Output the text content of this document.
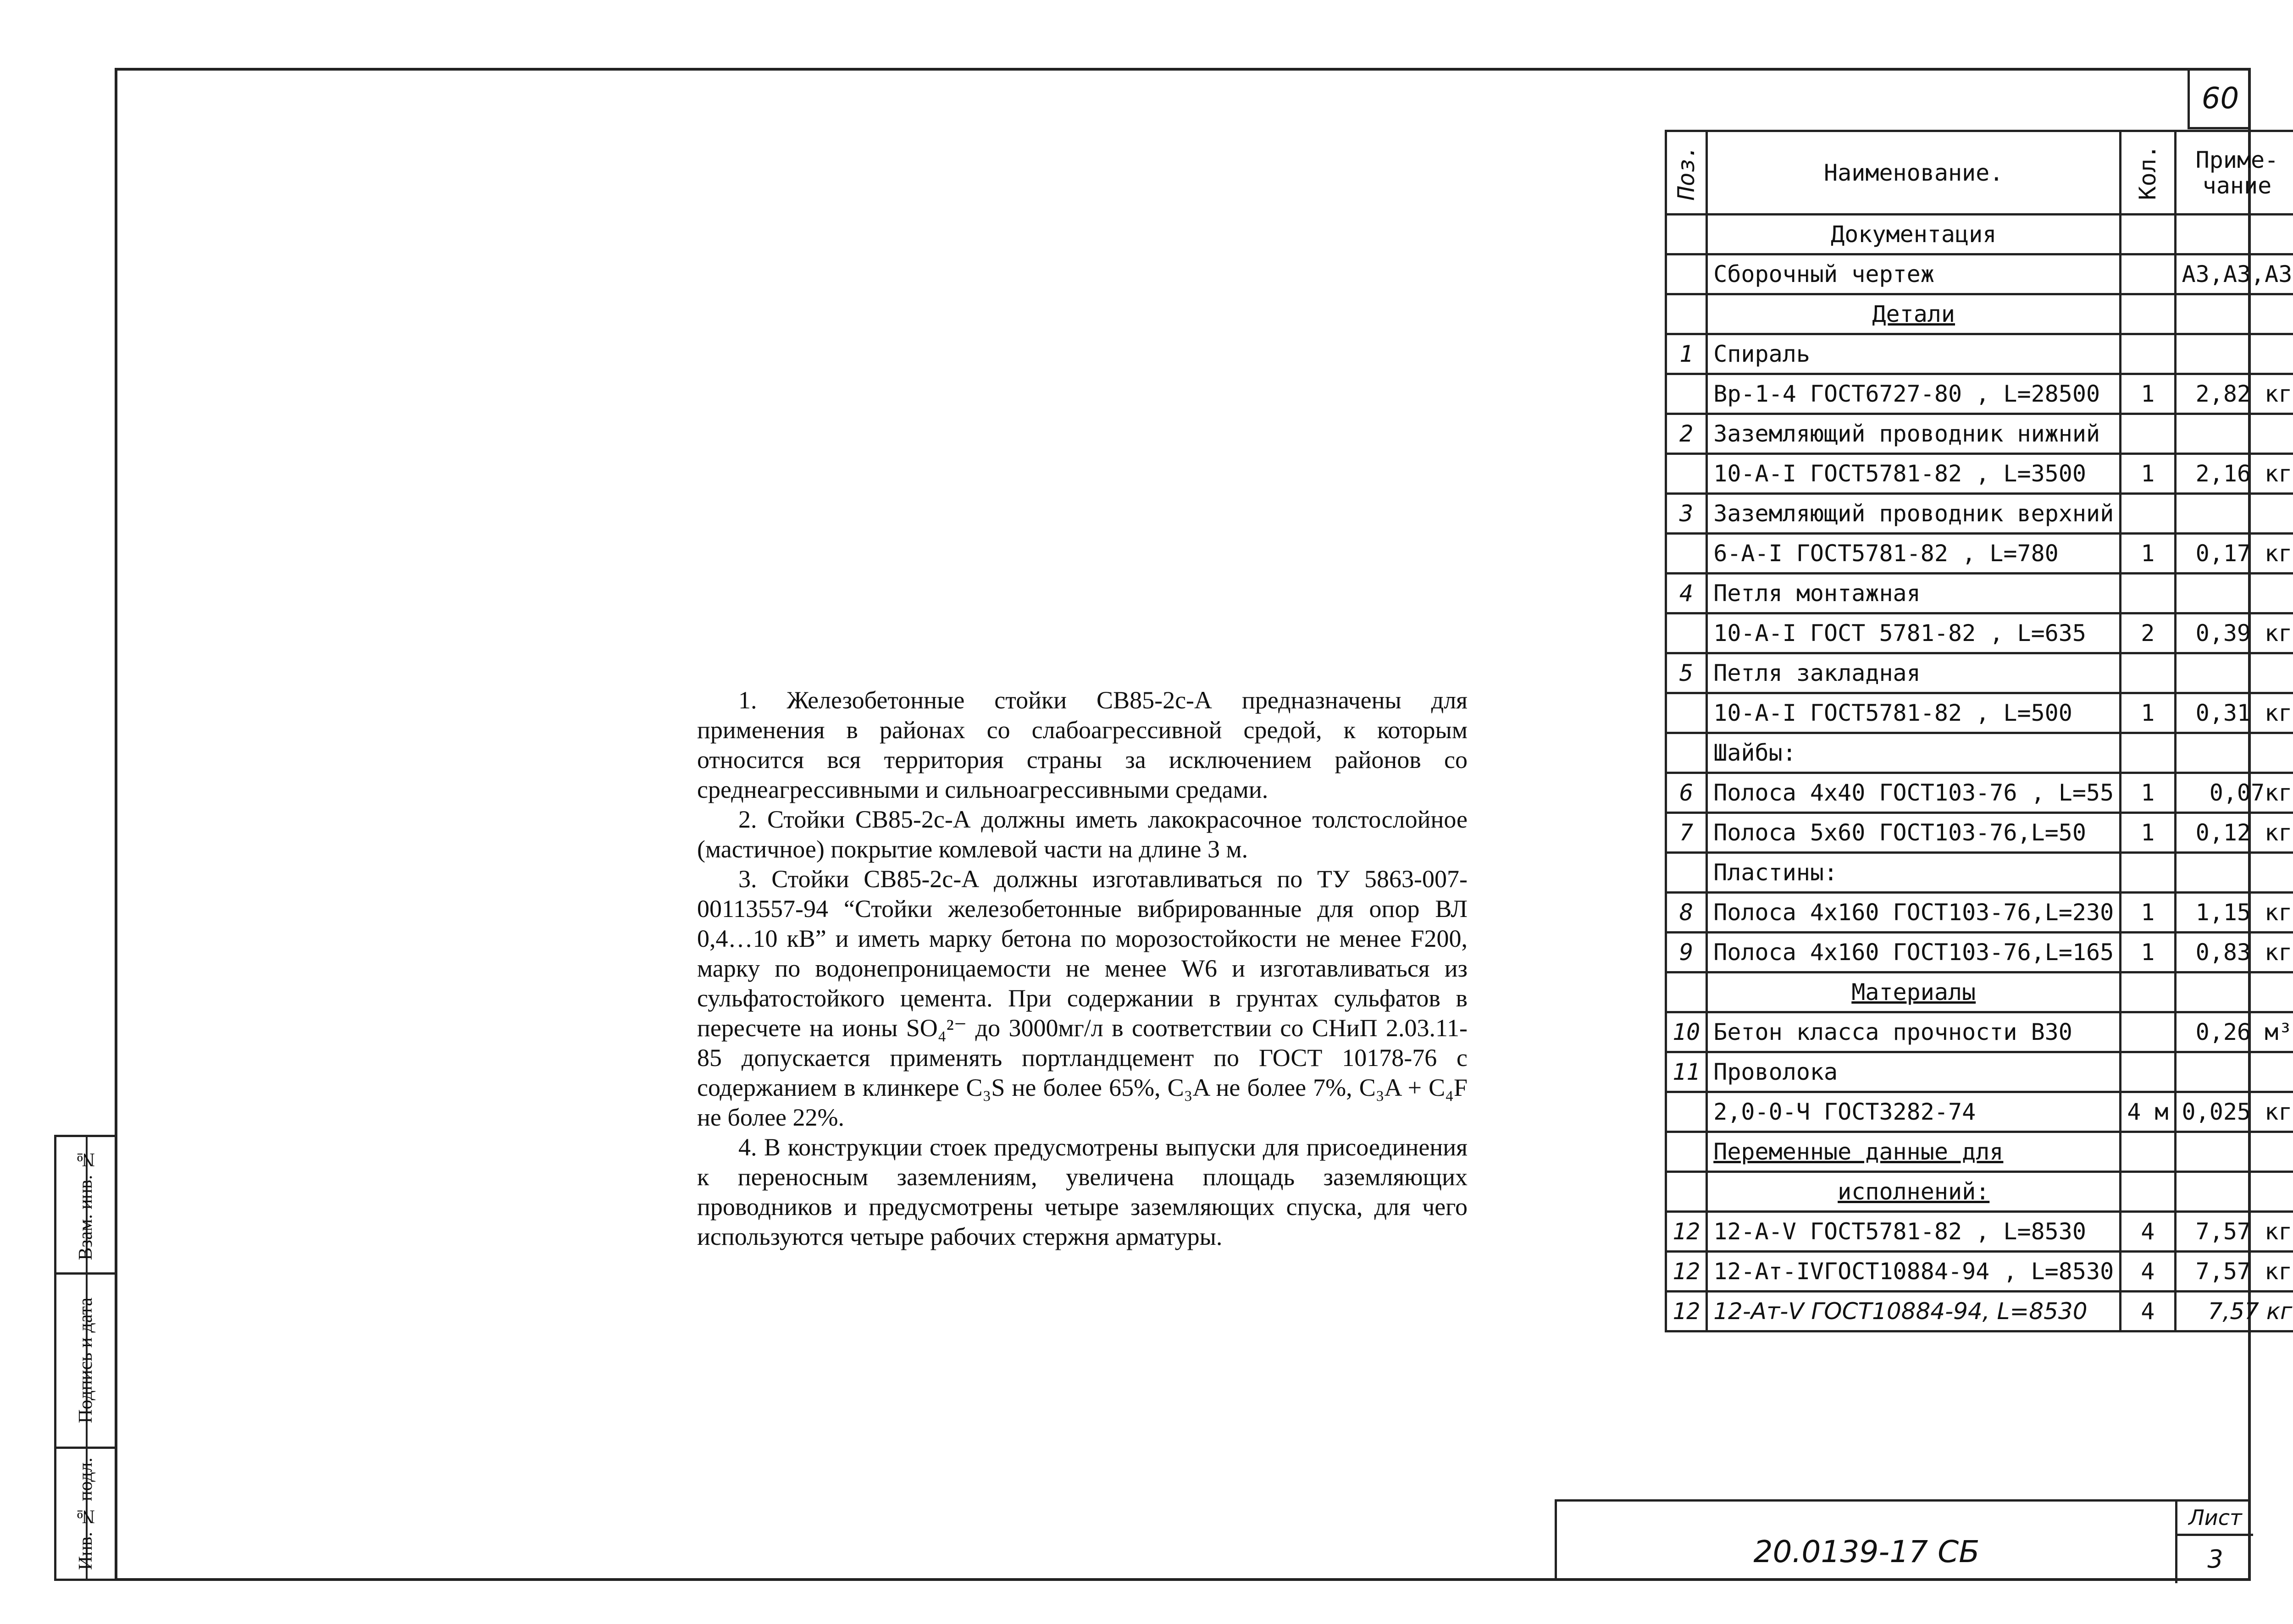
60

1. Железобетонные стойки СВ85-2с-А предназначены для применения в районах со слабоагрессивной средой, к которым относится вся территория страны за исключением районов со среднеагрессивными и сильноагрессивными средами.

2. Стойки СВ85-2с-А должны иметь лакокрасочное толстослойное (мастичное) покрытие комлевой части на длине 3 м.

3. Стойки СВ85-2с-А должны изготавливаться по ТУ 5863-007-00113557-94 “Стойки железобетонные вибрированные для опор ВЛ 0,4…10 кВ” и иметь марку бетона по морозостойкости не менее F200, марку по водонепроницаемости не менее W6 и изготавливаться из сульфатостойкого цемента. При содержании в грунтах сульфатов в пересчете на ионы SO₄²⁻ до 3000мг/л в соответствии со СНиП 2.03.11-85 допускается применять портландцемент по ГОСТ 10178-76 с содержанием в клинкере C₃S не более 65%, C₃A не более 7%, C₃A + C₄F не более 22%.

4. В конструкции стоек предусмотрены выпуски для присоединения к переносным заземлениям, увеличена площадь заземляющих проводников и предусмотрены четыре заземляющих спуска, для чего используются четыре рабочих стержня арматуры.

Поз.	Наименование.	Кол.	Приме-
чание
	Документация		
	Сборочный чертеж		А3,А3,А3
	Детали		
1	Спираль		
	Вр-1-4 ГОСТ6727-80 , L=28500	1	2,82 кг
2	Заземляющий проводник нижний		
	10-А-I ГОСТ5781-82 , L=3500	1	2,16 кг
3	Заземляющий проводник верхний		
	6-А-I ГОСТ5781-82 , L=780	1	0,17 кг
4	Петля монтажная		
	10-А-I ГОСТ 5781-82 , L=635	2	0,39 кг
5	Петля закладная		
	10-А-I ГОСТ5781-82 , L=500	1	0,31 кг
	Шайбы:		
6	Полоса 4х40 ГОСТ103-76 , L=55	1	0,07кг
7	Полоса 5х60 ГОСТ103-76,L=50	1	0,12 кг
	Пластины:		
8	Полоса 4х160 ГОСТ103-76,L=230	1	1,15 кг
9	Полоса 4х160 ГОСТ103-76,L=165	1	0,83 кг
	Материалы		
10	Бетон класса прочности В30		0,26 м³
11	Проволока		
	2,0-0-Ч ГОСТ3282-74	4 м	0,025 кг
	Переменные данные для		
	исполнений:		
12	12-А-V ГОСТ5781-82 , L=8530	4	7,57 кг
12	12-Ат-IVГОСТ10884-94 , L=8530	4	7,57 кг
12	12-Ат-V ГОСТ10884-94, L=8530	4	7,57 кг
Взам. инв. №
Подпись и дата
Инв. № подл.	20.0139-17 СБ
Лист
3
